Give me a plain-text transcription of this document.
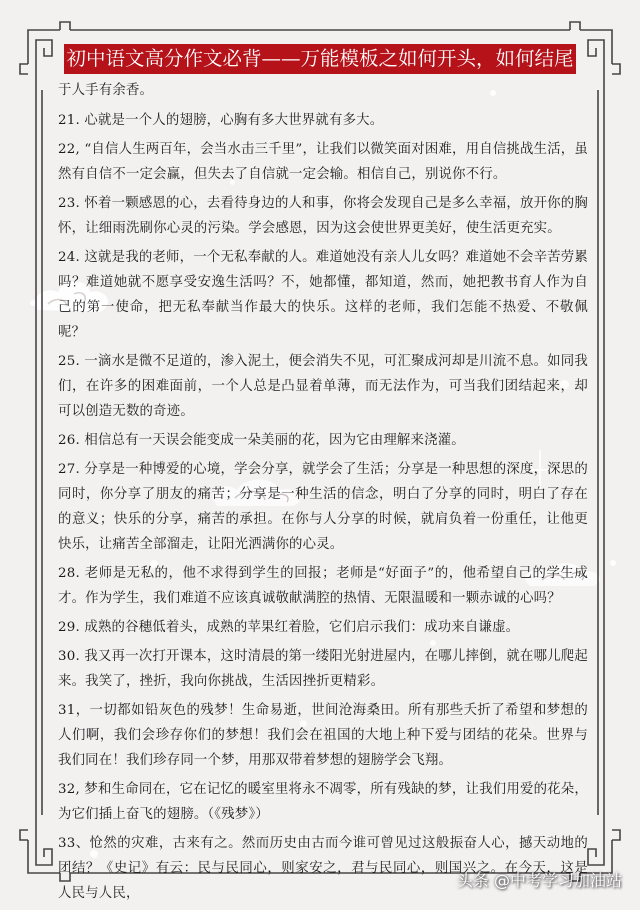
初中语文高分作文必背——万能模板之如何开头，如何结尾

于人手有余香。

21. 心就是一个人的翅膀，心胸有多大世界就有多大。

22, “自信人生两百年，会当水击三千里”，让我们以微笑面对困难，用自信挑战生活，虽然有自信不一定会赢，但失去了自信就一定会输。相信自己，别说你不行。

23. 怀着一颗感恩的心，去看待身边的人和事，你将会发现自己是多么幸福，放开你的胸怀，让细雨洗刷你心灵的污染。学会感恩，因为这会使世界更美好，使生活更充实。

24. 这就是我的老师，一个无私奉献的人。难道她没有亲人儿女吗？难道她不会辛苦劳累吗？难道她就不愿享受安逸生活吗？不，她都懂，都知道，然而，她把教书育人作为自己的第一使命，把无私奉献当作最大的快乐。这样的老师，我们怎能不热爱、不敬佩呢？

25. 一滴水是微不足道的，渗入泥土，便会消失不见，可汇聚成河却是川流不息。如同我们，在许多的困难面前，一个人总是凸显着单薄，而无法作为，可当我们团结起来，却可以创造无数的奇迹。

26. 相信总有一天误会能变成一朵美丽的花，因为它由理解来浇灌。

27. 分享是一种博爱的心境，学会分享，就学会了生活；分享是一种思想的深度，深思的同时，你分享了朋友的痛苦；分享是一种生活的信念，明白了分享的同时，明白了存在的意义；快乐的分享，痛苦的承担。在你与人分享的时候，就肩负着一份重任，让他更快乐，让痛苦全部溜走，让阳光洒满你的心灵。

28. 老师是无私的，他不求得到学生的回报；老师是“好面子”的，他希望自己的学生成才。作为学生，我们难道不应该真诚敬献满腔的热情、无限温暖和一颗赤诚的心吗？

29. 成熟的谷穗低着头，成熟的苹果红着脸，它们启示我们：成功来自谦虚。

30. 我又再一次打开课本，这时清晨的第一缕阳光射进屋内，在哪儿摔倒，就在哪儿爬起来。我笑了，挫折，我向你挑战，生活因挫折更精彩。

31，一切都如铅灰色的残梦！生命易逝，世间沧海桑田。所有那些夭折了希望和梦想的人们啊，我们会珍存你们的梦想！我们会在祖国的大地上种下爱与团结的花朵。世界与我们同在！我们珍存同一个梦，用那双带着梦想的翅膀学会飞翔。

32, 梦和生命同在，它在记忆的暖室里将永不凋零，所有残缺的梦，让我们用爱的花朵，为它们插上奋飞的翅膀。（《残梦》）

33、怆然的灾难，古来有之。然而历史由古而今谁可曾见过这般振奋人心，撼天动地的团结？《史记》有云：民与民同心，则家安之，君与民同心，则国兴之。在今天，这是人民与人民，

头条 @中考学习加油站
